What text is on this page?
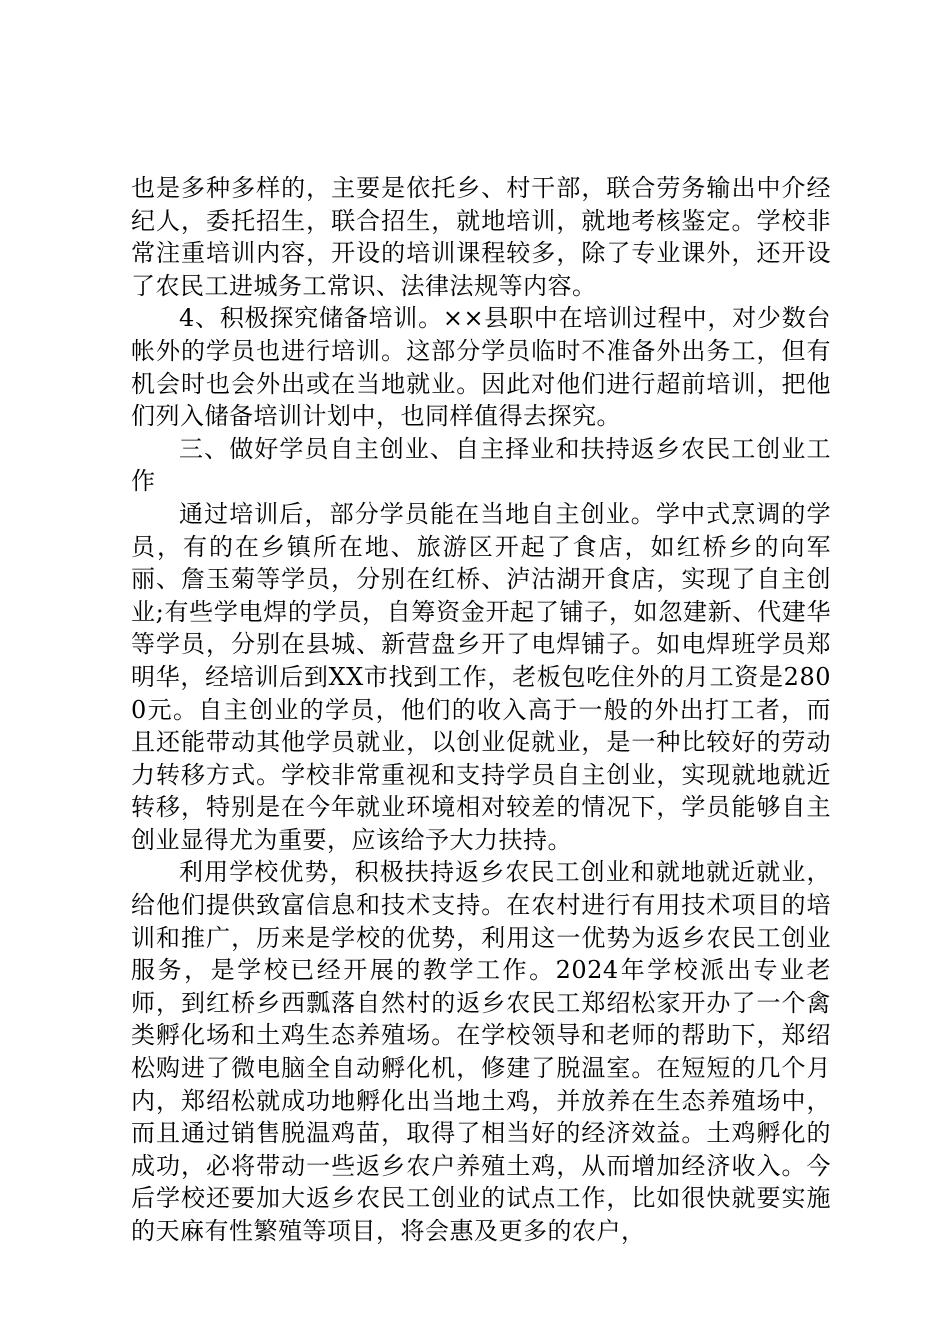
也是多种多样的，主要是依托乡、村干部，联合劳务输出中介经纪人，委托招生，联合招生，就地培训，就地考核鉴定。学校非常注重培训内容，开设的培训课程较多，除了专业课外，还开设了农民工进城务工常识、法律法规等内容。

4、积极探究储备培训。××县职中在培训过程中，对少数台帐外的学员也进行培训。这部分学员临时不准备外出务工，但有机会时也会外出或在当地就业。因此对他们进行超前培训，把他们列入储备培训计划中，也同样值得去探究。

三、做好学员自主创业、自主择业和扶持返乡农民工创业工作

通过培训后，部分学员能在当地自主创业。学中式烹调的学员，有的在乡镇所在地、旅游区开起了食店，如红桥乡的向军丽、詹玉菊等学员，分别在红桥、泸沽湖开食店，实现了自主创业;有些学电焊的学员，自筹资金开起了铺子，如忽建新、代建华等学员，分别在县城、新营盘乡开了电焊铺子。如电焊班学员郑明华，经培训后到XX市找到工作，老板包吃住外的月工资是2800元。自主创业的学员，他们的收入高于一般的外出打工者，而且还能带动其他学员就业，以创业促就业，是一种比较好的劳动力转移方式。学校非常重视和支持学员自主创业，实现就地就近转移，特别是在今年就业环境相对较差的情况下，学员能够自主创业显得尤为重要，应该给予大力扶持。

利用学校优势，积极扶持返乡农民工创业和就地就近就业，给他们提供致富信息和技术支持。在农村进行有用技术项目的培训和推广，历来是学校的优势，利用这一优势为返乡农民工创业服务，是学校已经开展的教学工作。2024年学校派出专业老师，到红桥乡西瓢落自然村的返乡农民工郑绍松家开办了一个禽类孵化场和土鸡生态养殖场。在学校领导和老师的帮助下，郑绍松购进了微电脑全自动孵化机，修建了脱温室。在短短的几个月内，郑绍松就成功地孵化出当地土鸡，并放养在生态养殖场中，而且通过销售脱温鸡苗，取得了相当好的经济效益。土鸡孵化的成功，必将带动一些返乡农户养殖土鸡，从而增加经济收入。今后学校还要加大返乡农民工创业的试点工作，比如很快就要实施的天麻有性繁殖等项目，将会惠及更多的农户，
